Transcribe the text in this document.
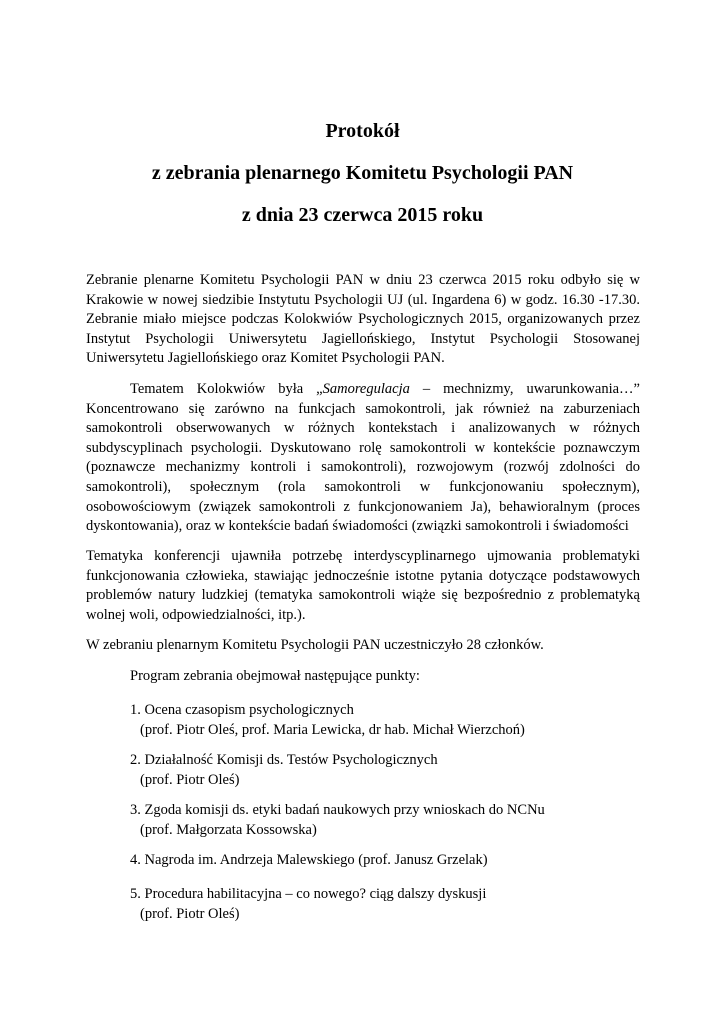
Protokół
z zebrania plenarnego Komitetu Psychologii PAN
z dnia 23 czerwca 2015 roku

Zebranie plenarne Komitetu Psychologii PAN w dniu 23 czerwca 2015 roku odbyło się w Krakowie w nowej siedzibie Instytutu Psychologii UJ (ul. Ingardena 6) w godz. 16.30 -17.30. Zebranie miało miejsce podczas Kolokwiów Psychologicznych 2015, organizowanych przez Instytut Psychologii Uniwersytetu Jagiellońskiego, Instytut Psychologii Stosowanej Uniwersytetu Jagiellońskiego oraz Komitet Psychologii PAN.

Tematem Kolokwiów była „Samoregulacja – mechnizmy, uwarunkowania…” Koncentrowano się zarówno na funkcjach samokontroli, jak również na zaburzeniach samokontroli obserwowanych w różnych kontekstach i analizowanych w różnych subdyscyplinach psychologii. Dyskutowano rolę samokontroli w kontekście poznawczym (poznawcze mechanizmy kontroli i samokontroli), rozwojowym (rozwój zdolności do samokontroli), społecznym (rola samokontroli w funkcjonowaniu społecznym), osobowościowym (związek samokontroli z funkcjonowaniem Ja), behawioralnym (proces dyskontowania), oraz w kontekście badań świadomości (związki samokontroli i świadomości

Tematyka konferencji ujawniła potrzebę interdyscyplinarnego ujmowania problematyki funkcjonowania człowieka, stawiając jednocześnie istotne pytania dotyczące podstawowych problemów natury ludzkiej (tematyka samokontroli wiąże się bezpośrednio z problematyką wolnej woli, odpowiedzialności, itp.).

W zebraniu plenarnym Komitetu Psychologii PAN uczestniczyło 28 członków.

Program zebrania obejmował następujące punkty:
1. Ocena czasopism psychologicznych
(prof. Piotr Oleś, prof. Maria Lewicka, dr hab. Michał Wierzchoń)
2. Działalność Komisji ds. Testów Psychologicznych
(prof. Piotr Oleś)
3. Zgoda komisji ds. etyki badań naukowych przy wnioskach do NCNu
(prof. Małgorzata Kossowska)
4. Nagroda im. Andrzeja Malewskiego (prof. Janusz Grzelak)
5. Procedura habilitacyjna – co nowego? ciąg dalszy dyskusji
(prof. Piotr Oleś)
